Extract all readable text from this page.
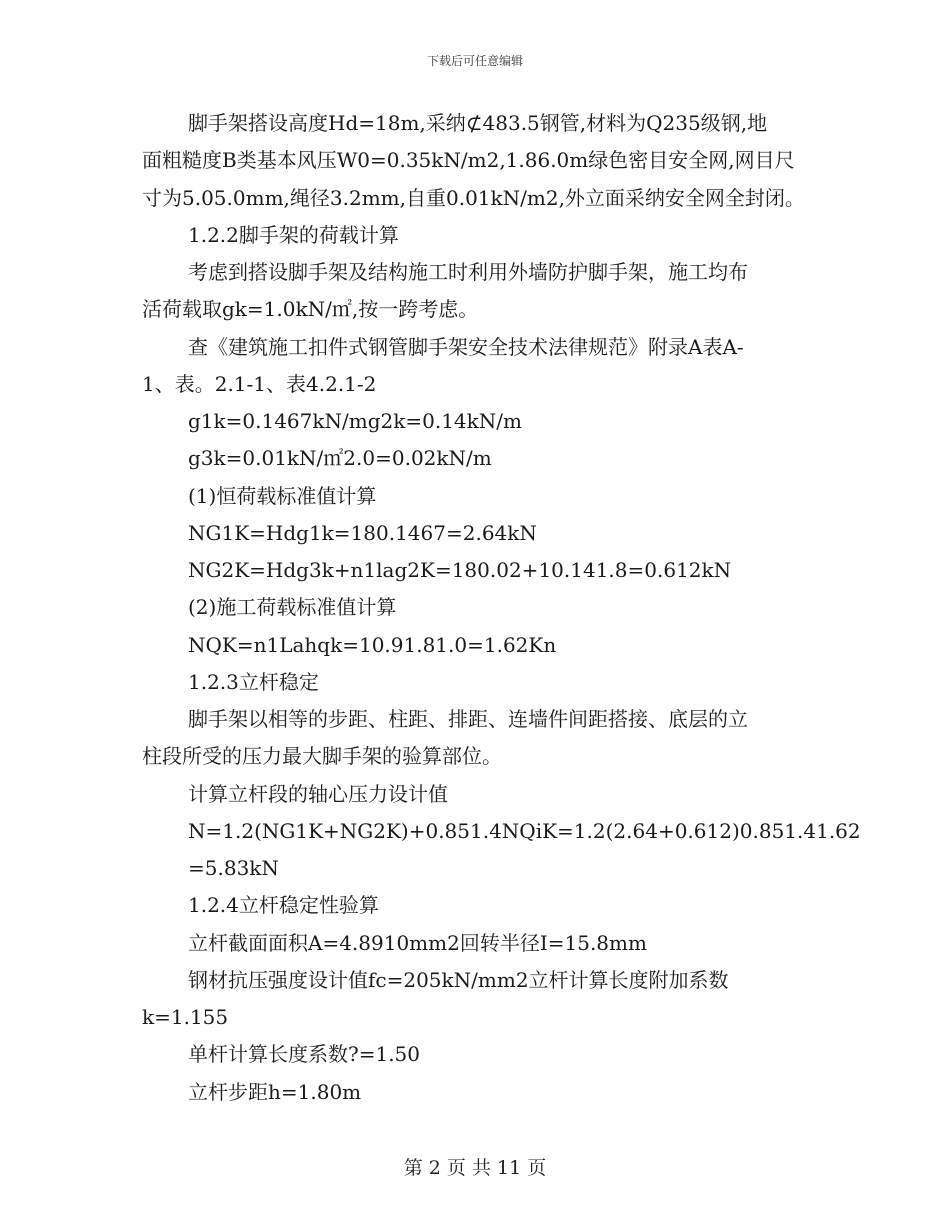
下载后可任意编辑
脚手架搭设高度Hd=18m,采纳⊄483.5钢管,材料为Q235级钢,地
面粗糙度B类基本风压W0=0.35kN/m2,1.86.0m绿色密目安全网,网目尺
寸为5.05.0mm,绳径3.2mm,自重0.01kN/m2,外立面采纳安全网全封闭。
1.2.2脚手架的荷载计算
考虑到搭设脚手架及结构施工时利用外墙防护脚手架，施工均布
活荷载取gk=1.0kN/㎡,按一跨考虑。
查《建筑施工扣件式钢管脚手架安全技术法律规范》附录A表A-
1、表。2.1-1、表4.2.1-2
g1k=0.1467kN/mg2k=0.14kN/m
g3k=0.01kN/㎡2.0=0.02kN/m
(1)恒荷载标准值计算
NG1K=Hdg1k=180.1467=2.64kN
NG2K=Hdg3k+n1lag2K=180.02+10.141.8=0.612kN
(2)施工荷载标准值计算
NQK=n1Lahqk=10.91.81.0=1.62Kn
1.2.3立杆稳定
脚手架以相等的步距、柱距、排距、连墙件间距搭接、底层的立
柱段所受的压力最大脚手架的验算部位。
计算立杆段的轴心压力设计值
N=1.2(NG1K+NG2K)+0.851.4NQiK=1.2(2.64+0.612)0.851.41.62
=5.83kN
1.2.4立杆稳定性验算
立杆截面面积A=4.8910mm2回转半径I=15.8mm
钢材抗压强度设计值fc=205kN/mm2立杆计算长度附加系数
k=1.155
单杆计算长度系数?=1.50
立杆步距h=1.80m
第 2 页 共 11 页
